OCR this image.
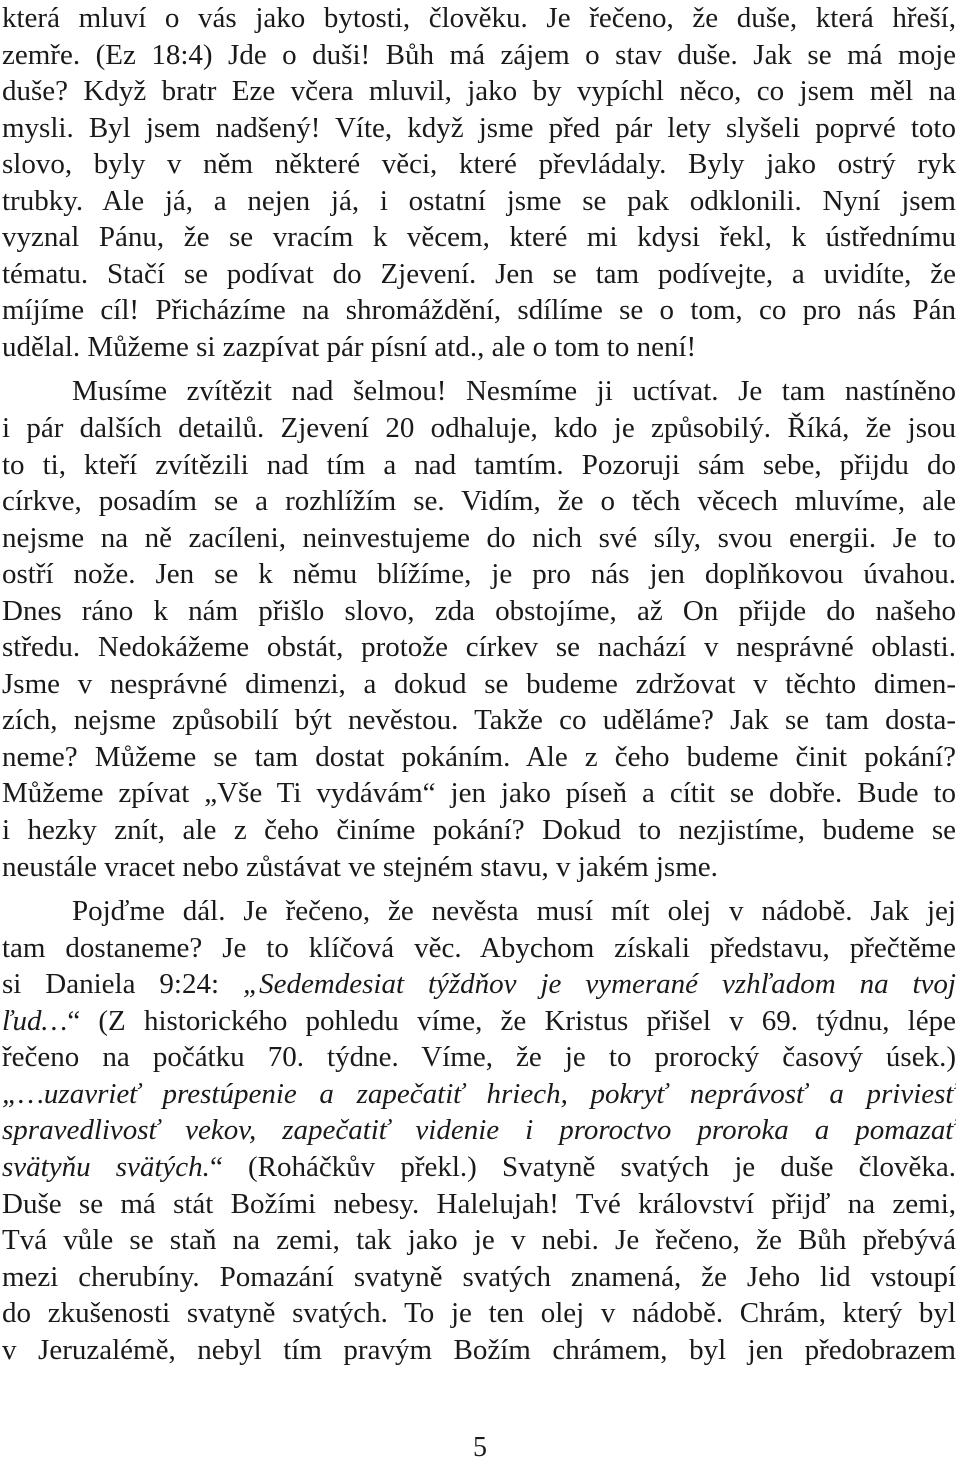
která mluví o vás jako bytosti, člověku. Je řečeno, že duše, která hřeší,
zemře. (Ez 18:4) Jde o duši! Bůh má zájem o stav duše. Jak se má moje
duše? Když bratr Eze včera mluvil, jako by vypíchl něco, co jsem měl na
mysli. Byl jsem nadšený! Víte, když jsme před pár lety slyšeli poprvé toto
slovo, byly v něm některé věci, které převládaly. Byly jako ostrý ryk
trubky. Ale já, a nejen já, i ostatní jsme se pak odklonili. Nyní jsem
vyznal Pánu, že se vracím k věcem, které mi kdysi řekl, k ústřednímu
tématu. Stačí se podívat do Zjevení. Jen se tam podívejte, a uvidíte, že
míjíme cíl! Přicházíme na shromáždění, sdílíme se o tom, co pro nás Pán
udělal. Můžeme si zazpívat pár písní atd., ale o tom to není!
Musíme zvítězit nad šelmou! Nesmíme ji uctívat. Je tam nastíněno
i pár dalších detailů. Zjevení 20 odhaluje, kdo je způsobilý. Říká, že jsou
to ti, kteří zvítězili nad tím a nad tamtím. Pozoruji sám sebe, přijdu do
církve, posadím se a rozhlížím se. Vidím, že o těch věcech mluvíme, ale
nejsme na ně zacíleni, neinvestujeme do nich své síly, svou energii. Je to
ostří nože. Jen se k němu blížíme, je pro nás jen doplňkovou úvahou.
Dnes ráno k nám přišlo slovo, zda obstojíme, až On přijde do našeho
středu. Nedokážeme obstát, protože církev se nachází v nesprávné oblasti.
Jsme v nesprávné dimenzi, a dokud se budeme zdržovat v těchto dimen-
zích, nejsme způsobilí být nevěstou. Takže co uděláme? Jak se tam dosta-
neme? Můžeme se tam dostat pokáním. Ale z čeho budeme činit pokání?
Můžeme zpívat „Vše Ti vydávám“ jen jako píseň a cítit se dobře. Bude to
i hezky znít, ale z čeho činíme pokání? Dokud to nezjistíme, budeme se
neustále vracet nebo zůstávat ve stejném stavu, v jakém jsme.
Pojďme dál. Je řečeno, že nevěsta musí mít olej v nádobě. Jak jej
tam dostaneme? Je to klíčová věc. Abychom získali představu, přečtěme
si Daniela 9:24: „Sedemdesiat týždňov je vymerané vzhľadom na tvoj
ľud…“ (Z historického pohledu víme, že Kristus přišel v 69. týdnu, lépe
řečeno na počátku 70. týdne. Víme, že je to prorocký časový úsek.)
„…uzavrieť prestúpenie a zapečatiť hriech, pokryť neprávosť a priviesť
spravedlivosť vekov, zapečatiť videnie i proroctvo proroka a pomazať
svätyňu svätých.“ (Roháčkův překl.) Svatyně svatých je duše člověka.
Duše se má stát Božími nebesy. Halelujah! Tvé království přijď na zemi,
Tvá vůle se staň na zemi, tak jako je v nebi. Je řečeno, že Bůh přebývá
mezi cherubíny. Pomazání svatyně svatých znamená, že Jeho lid vstoupí
do zkušenosti svatyně svatých. To je ten olej v nádobě. Chrám, který byl
v Jeruzalémě, nebyl tím pravým Božím chrámem, byl jen předobrazem
5
